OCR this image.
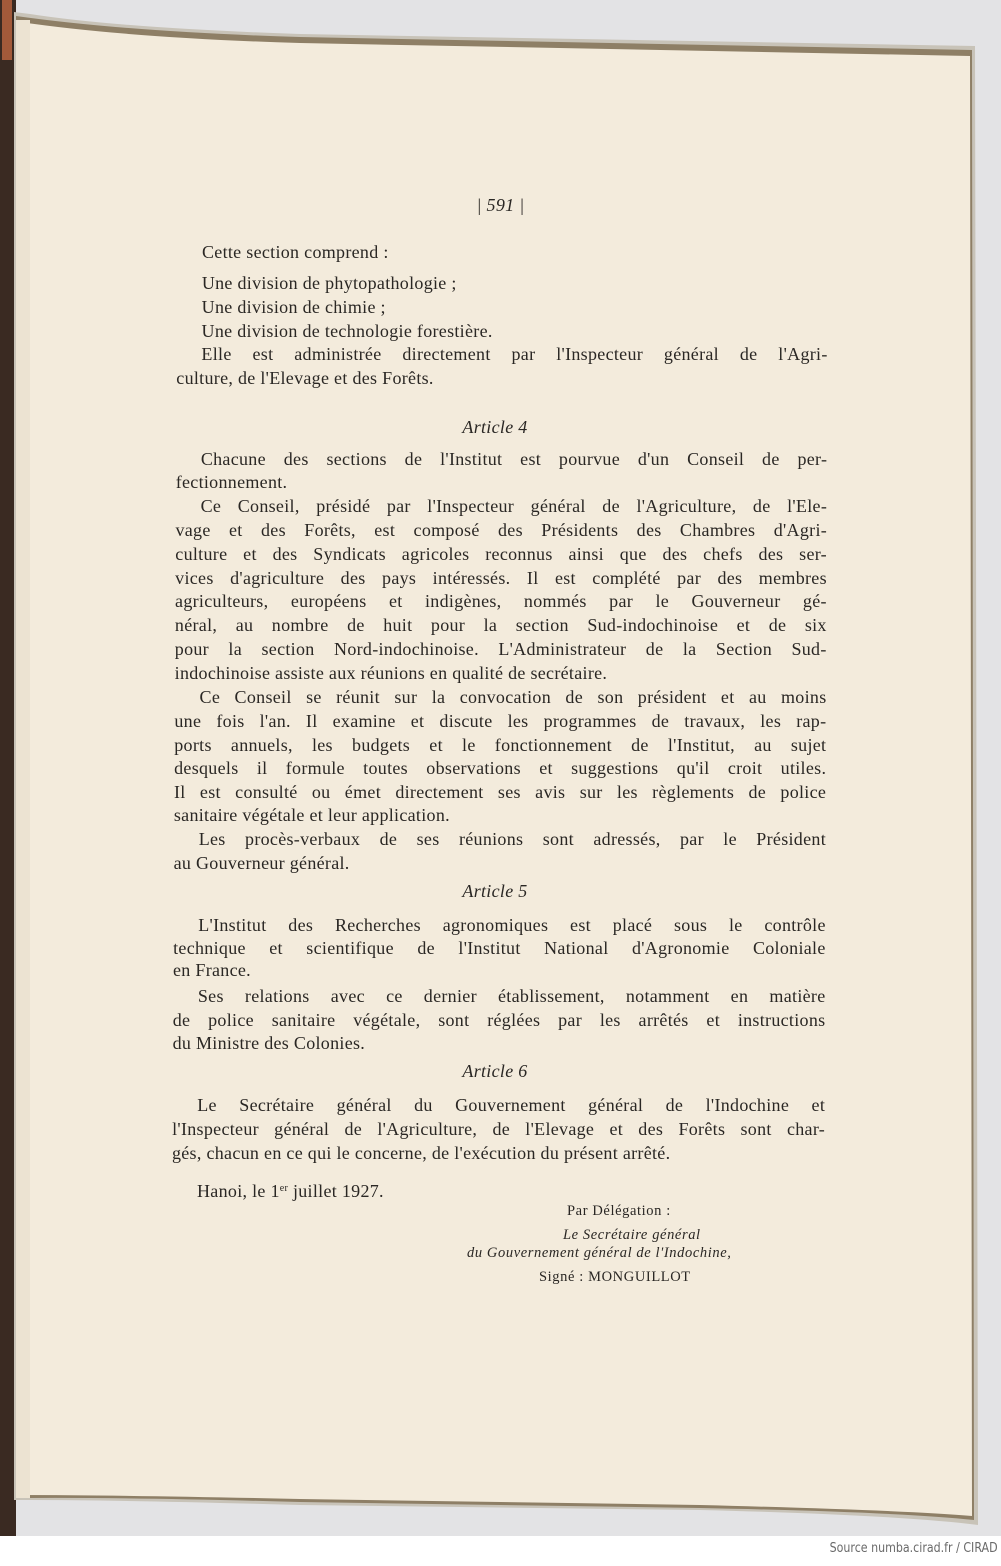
| 591 |
Cette section comprend :
Une division de phytopathologie ;
Une division de chimie ;
Une division de technologie forestière.
Elle est administrée directement par l'Inspecteur général de l'Agri-
culture, de l'Elevage et des Forêts.
Article 4
Chacune des sections de l'Institut est pourvue d'un Conseil de per-
fectionnement.
Ce Conseil, présidé par l'Inspecteur général de l'Agriculture, de l'Ele-
vage et des Forêts, est composé des Présidents des Chambres d'Agri-
culture et des Syndicats agricoles reconnus ainsi que des chefs des ser-
vices d'agriculture des pays intéressés. Il est complété par des membres
agriculteurs, européens et indigènes, nommés par le Gouverneur gé-
néral, au nombre de huit pour la section Sud-indochinoise et de six
pour la section Nord-indochinoise. L'Administrateur de la Section Sud-
indochinoise assiste aux réunions en qualité de secrétaire.
Ce Conseil se réunit sur la convocation de son président et au moins
une fois l'an. Il examine et discute les programmes de travaux, les rap-
ports annuels, les budgets et le fonctionnement de l'Institut, au sujet
desquels il formule toutes observations et suggestions qu'il croit utiles.
Il est consulté ou émet directement ses avis sur les règlements de police
sanitaire végétale et leur application.
Les procès-verbaux de ses réunions sont adressés, par le Président
au Gouverneur général.
Article 5
L'Institut des Recherches agronomiques est placé sous le contrôle
technique et scientifique de l'Institut National d'Agronomie Coloniale
en France.
Ses relations avec ce dernier établissement, notamment en matière
de police sanitaire végétale, sont réglées par les arrêtés et instructions
du Ministre des Colonies.
Article 6
Le Secrétaire général du Gouvernement général de l'Indochine et
l'Inspecteur général de l'Agriculture, de l'Elevage et des Forêts sont char-
gés, chacun en ce qui le concerne, de l'exécution du présent arrêté.
Hanoi, le 1er juillet 1927.
Par Délégation :
Le Secrétaire général
du Gouvernement général de l'Indochine,
Signé : MONGUILLOT
Source numba.cirad.fr / CIRAD
